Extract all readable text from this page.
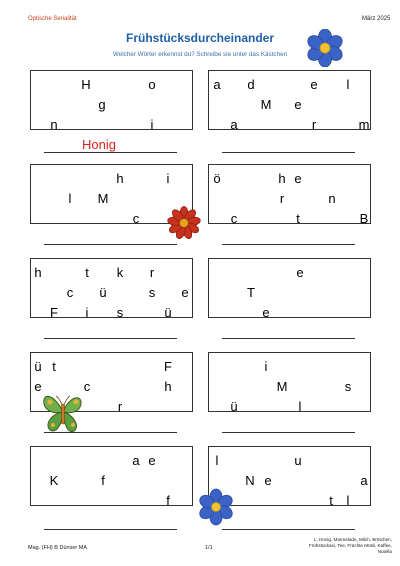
Optische Serialität	März 2025
Frühstücksdurcheinander
Welcher Wörter erkennst du? Schreibe sie unter das Kästchen
H	o
g
n	i
a d	e l
M e
a	r	m
Honig
h	i
l M
c
ö	h e
r	n
c	t	B
h	t k r
c ü	s e
F i s	ü
e
T
e
ü t	F
e	c	h
r
i
M	s
ü	l
a e
K	f
f
l	u
N e	a
t l
Mag. (FH) B Dünser MA	1/1
L: Honig, Marmelade, Milch, Brötchen, Frühstücksei, Tee, Früchte Müsli, Kaffee, Nutella
